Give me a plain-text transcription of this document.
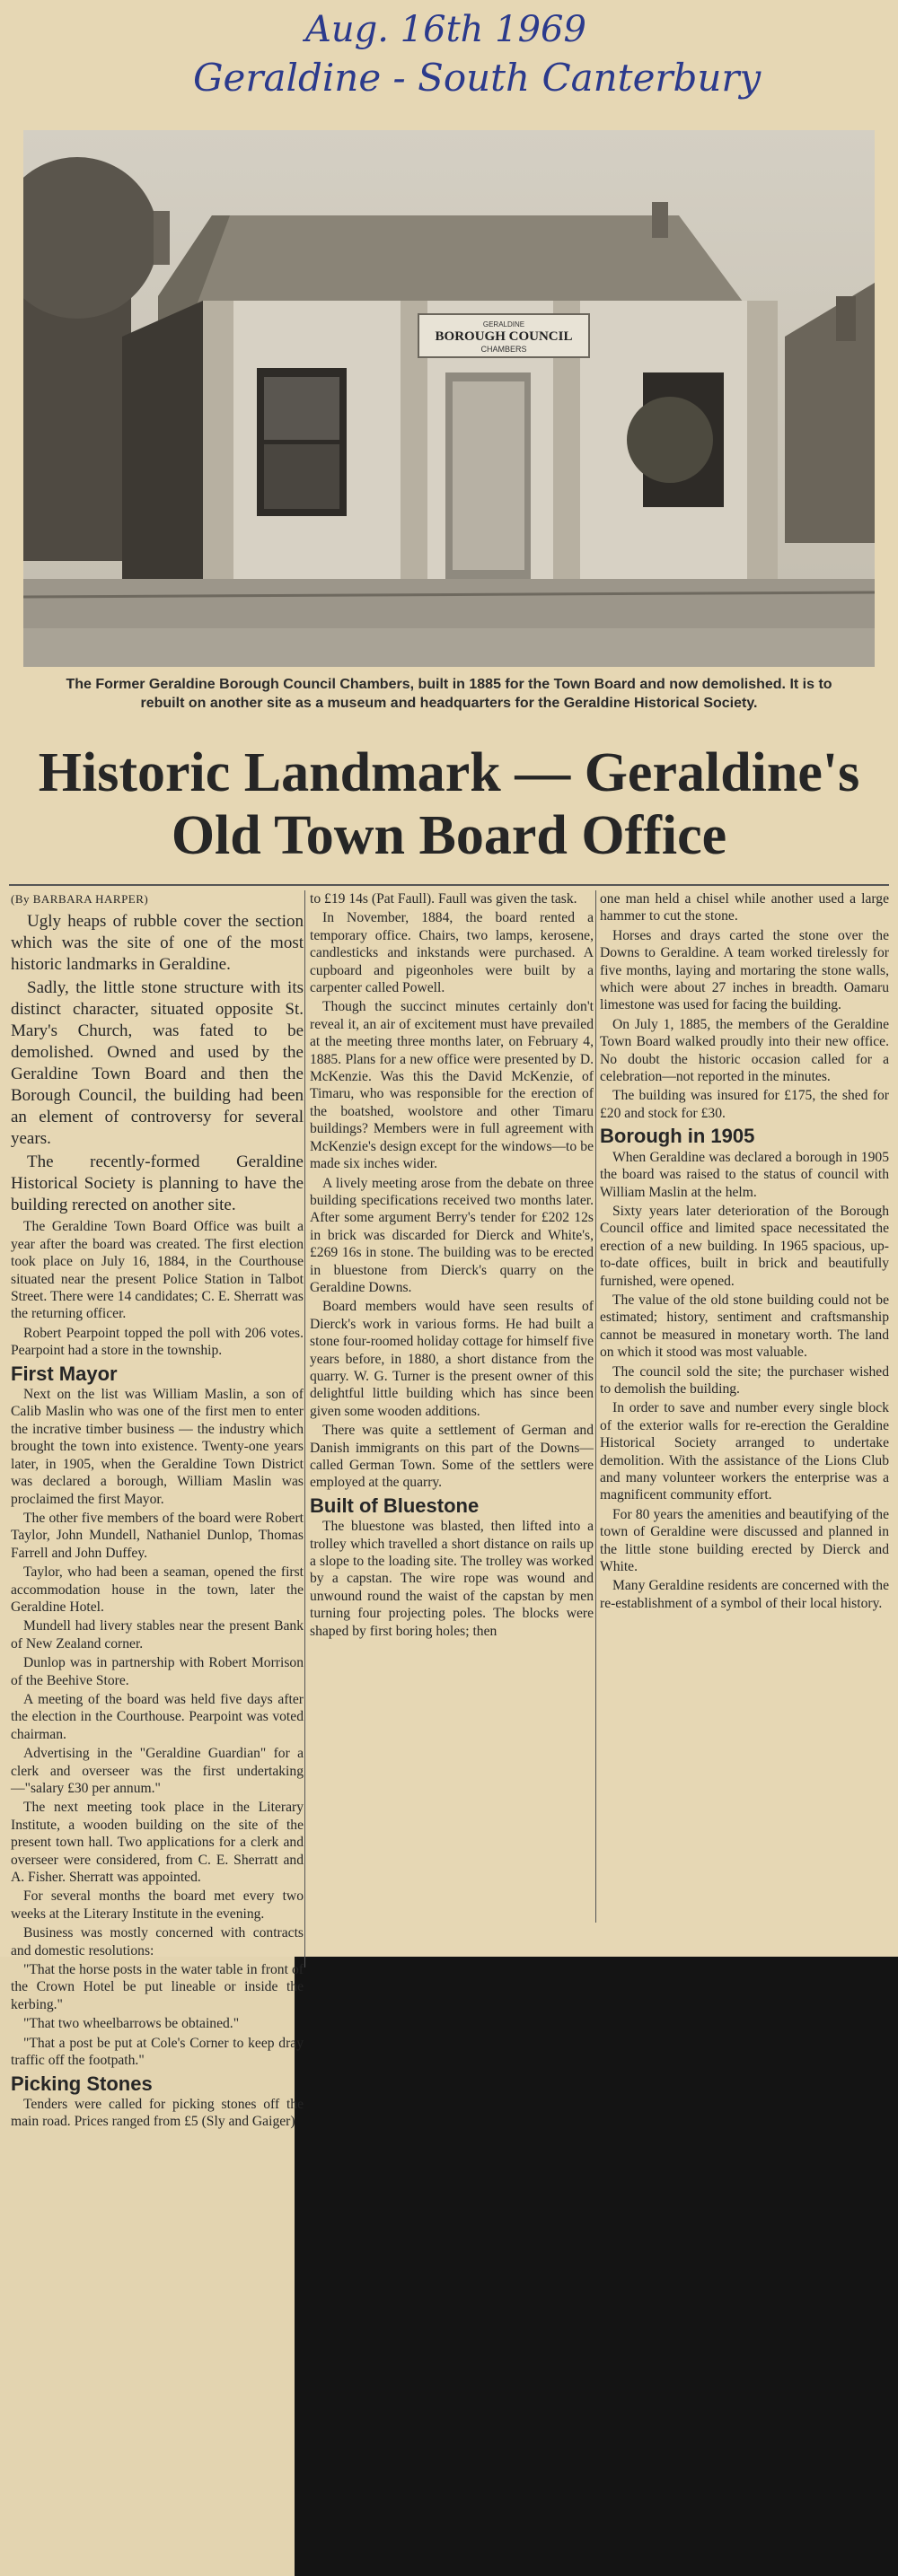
Aug. 16th 1969
Geraldine - South Canterbury
GERALDINE
BOROUGH COUNCIL
CHAMBERS
The Former Geraldine Borough Council Chambers, built in 1885 for the Town Board and now demolished. It is to rebuilt on another site as a museum and headquarters for the Geraldine Historical Society.
Historic Landmark — Geraldine's
Old Town Board Office

(By BARBARA HARPER)

Ugly heaps of rubble cover the section which was the site of one of the most historic landmarks in Geraldine.

Sadly, the little stone structure with its distinct character, situated opposite St. Mary's Church, was fated to be demolished. Owned and used by the Geraldine Town Board and then the Borough Council, the building had been an element of controversy for several years.

The recently-formed Geraldine Historical Society is planning to have the building rerected on another site.

The Geraldine Town Board Office was built a year after the board was created. The first election took place on July 16, 1884, in the Courthouse situated near the present Police Station in Talbot Street. There were 14 candidates; C. E. Sherratt was the returning officer.

Robert Pearpoint topped the poll with 206 votes. Pearpoint had a store in the township.

First Mayor

Next on the list was William Maslin, a son of Calib Maslin who was one of the first men to enter the incrative timber business — the industry which brought the town into existence. Twenty-one years later, in 1905, when the Geraldine Town District was declared a borough, William Maslin was proclaimed the first Mayor.

The other five members of the board were Robert Taylor, John Mundell, Nathaniel Dunlop, Thomas Farrell and John Duffey.

Taylor, who had been a seaman, opened the first accommodation house in the town, later the Geraldine Hotel.

Mundell had livery stables near the present Bank of New Zealand corner.

Dunlop was in partnership with Robert Morrison of the Beehive Store.

A meeting of the board was held five days after the election in the Courthouse. Pearpoint was voted chairman.

Advertising in the "Geraldine Guardian" for a clerk and overseer was the first undertaking—"salary £30 per annum."

The next meeting took place in the Literary Institute, a wooden building on the site of the present town hall. Two applications for a clerk and overseer were considered, from C. E. Sherratt and A. Fisher. Sherratt was appointed.

For several months the board met every two weeks at the Literary Institute in the evening.

Business was mostly concerned with contracts and domestic resolutions:

"That the horse posts in the water table in front of the Crown Hotel be put lineable or inside the kerbing."

"That two wheelbarrows be obtained."

"That a post be put at Cole's Corner to keep dray traffic off the footpath."

Picking Stones

Tenders were called for picking stones off the main road. Prices ranged from £5 (Sly and Gaiger)

to £19 14s (Pat Faull). Faull was given the task.

In November, 1884, the board rented a temporary office. Chairs, two lamps, kerosene, candlesticks and inkstands were purchased. A cupboard and pigeonholes were built by a carpenter called Powell.

Though the succinct minutes certainly don't reveal it, an air of excitement must have prevailed at the meeting three months later, on February 4, 1885. Plans for a new office were presented by D. McKenzie. Was this the David McKenzie, of Timaru, who was responsible for the erection of the boatshed, woolstore and other Timaru buildings? Members were in full agreement with McKenzie's design except for the windows—to be made six inches wider.

A lively meeting arose from the debate on three building specifications received two months later. After some argument Berry's tender for £202 12s in brick was discarded for Dierck and White's, £269 16s in stone. The building was to be erected in bluestone from Dierck's quarry on the Geraldine Downs.

Board members would have seen results of Dierck's work in various forms. He had built a stone four-roomed holiday cottage for himself five years before, in 1880, a short distance from the quarry. W. G. Turner is the present owner of this delightful little building which has since been given some wooden additions.

There was quite a settlement of German and Danish immigrants on this part of the Downs—called German Town. Some of the settlers were employed at the quarry.

Built of Bluestone

The bluestone was blasted, then lifted into a trolley which travelled a short distance on rails up a slope to the loading site. The trolley was worked by a capstan. The wire rope was wound and unwound round the waist of the capstan by men turning four projecting poles. The blocks were shaped by first boring holes; then

one man held a chisel while another used a large hammer to cut the stone.

Horses and drays carted the stone over the Downs to Geraldine. A team worked tirelessly for five months, laying and mortaring the stone walls, which were about 27 inches in breadth. Oamaru limestone was used for facing the building.

On July 1, 1885, the members of the Geraldine Town Board walked proudly into their new office. No doubt the historic occasion called for a celebration—not reported in the minutes.

The building was insured for £175, the shed for £20 and stock for £30.

Borough in 1905

When Geraldine was declared a borough in 1905 the board was raised to the status of council with William Maslin at the helm.

Sixty years later deterioration of the Borough Council office and limited space necessitated the erection of a new building. In 1965 spacious, up-to-date offices, built in brick and beautifully furnished, were opened.

The value of the old stone building could not be estimated; history, sentiment and craftsmanship cannot be measured in monetary worth. The land on which it stood was most valuable.

The council sold the site; the purchaser wished to demolish the building.

In order to save and number every single block of the exterior walls for re-erection the Geraldine Historical Society arranged to undertake demolition. With the assistance of the Lions Club and many volunteer workers the enterprise was a magnificent community effort.

For 80 years the amenities and beautifying of the town of Geraldine were discussed and planned in the little stone building erected by Dierck and White.

Many Geraldine residents are concerned with the re-establishment of a symbol of their local history.
